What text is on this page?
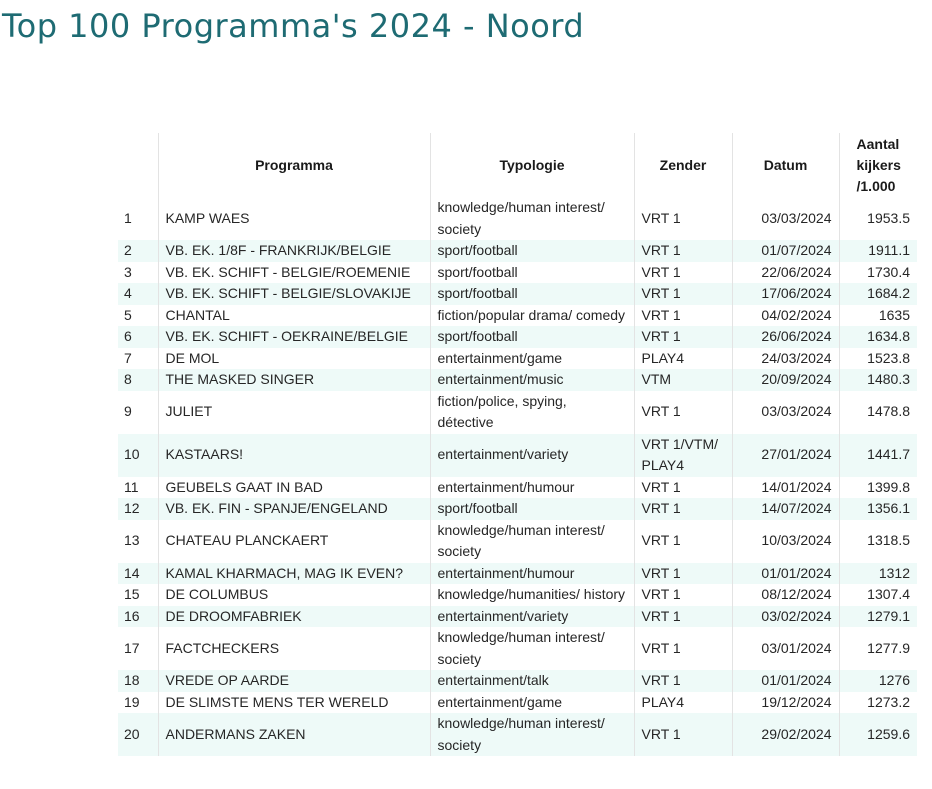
Top 100 Programma's 2024 - Noord
	Programma	Typologie	Zender	Datum	Aantal kijkers /1.000
1	KAMP WAES	knowledge/human interest/ society	VRT 1	03/03/2024	1953.5
2	VB. EK. 1/8F - FRANKRIJK/BELGIE	sport/football	VRT 1	01/07/2024	1911.1
3	VB. EK. SCHIFT - BELGIE/ROEMENIE	sport/football	VRT 1	22/06/2024	1730.4
4	VB. EK. SCHIFT - BELGIE/SLOVAKIJE	sport/football	VRT 1	17/06/2024	1684.2
5	CHANTAL	fiction/popular drama/ comedy	VRT 1	04/02/2024	1635
6	VB. EK. SCHIFT - OEKRAINE/BELGIE	sport/football	VRT 1	26/06/2024	1634.8
7	DE MOL	entertainment/game	PLAY4	24/03/2024	1523.8
8	THE MASKED SINGER	entertainment/music	VTM	20/09/2024	1480.3
9	JULIET	fiction/police, spying, détective	VRT 1	03/03/2024	1478.8
10	KASTAARS!	entertainment/variety	VRT 1/VTM/ PLAY4	27/01/2024	1441.7
11	GEUBELS GAAT IN BAD	entertainment/humour	VRT 1	14/01/2024	1399.8
12	VB. EK. FIN - SPANJE/ENGELAND	sport/football	VRT 1	14/07/2024	1356.1
13	CHATEAU PLANCKAERT	knowledge/human interest/ society	VRT 1	10/03/2024	1318.5
14	KAMAL KHARMACH, MAG IK EVEN?	entertainment/humour	VRT 1	01/01/2024	1312
15	DE COLUMBUS	knowledge/humanities/ history	VRT 1	08/12/2024	1307.4
16	DE DROOMFABRIEK	entertainment/variety	VRT 1	03/02/2024	1279.1
17	FACTCHECKERS	knowledge/human interest/ society	VRT 1	03/01/2024	1277.9
18	VREDE OP AARDE	entertainment/talk	VRT 1	01/01/2024	1276
19	DE SLIMSTE MENS TER WERELD	entertainment/game	PLAY4	19/12/2024	1273.2
20	ANDERMANS ZAKEN	knowledge/human interest/ society	VRT 1	29/02/2024	1259.6
